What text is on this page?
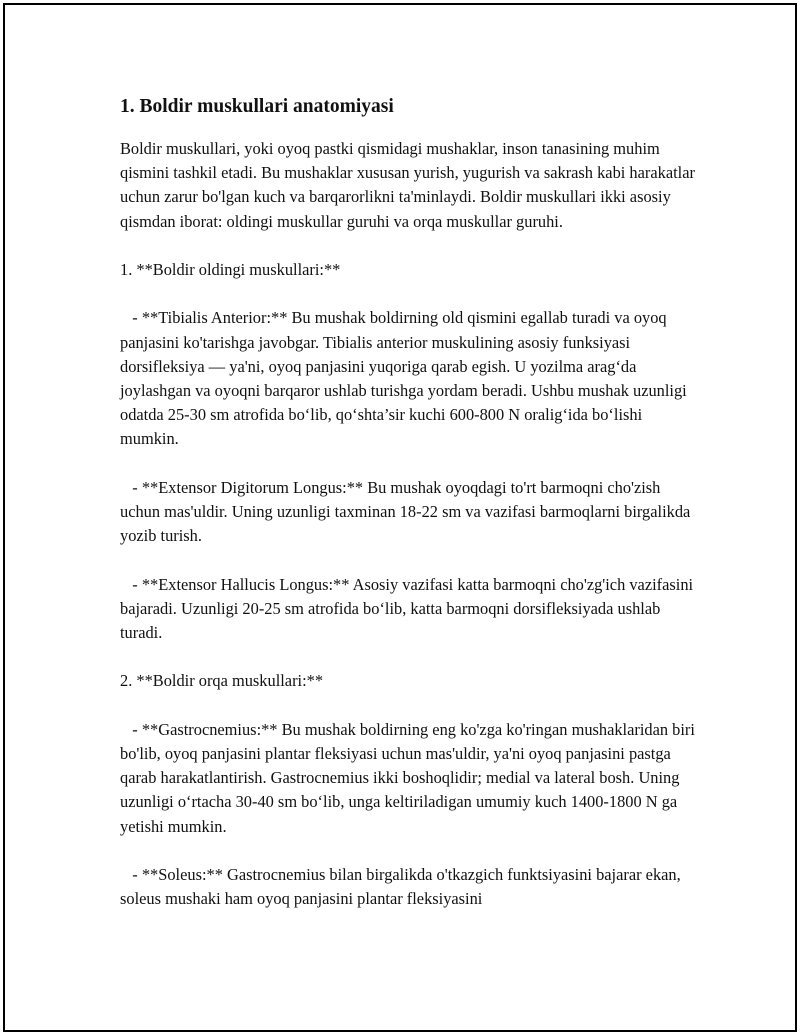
1. Boldir muskullari anatomiyasi

Boldir muskullari, yoki oyoq pastki qismidagi mushaklar, inson tanasining muhim qismini tashkil etadi. Bu mushaklar xususan yurish, yugurish va sakrash kabi harakatlar uchun zarur bo'lgan kuch va barqarorlikni ta'minlaydi. Boldir muskullari ikki asosiy qismdan iborat: oldingi muskullar guruhi va orqa muskullar guruhi.

1. **Boldir oldingi muskullari:**

- **Tibialis Anterior:** Bu mushak boldirning old qismini egallab turadi va oyoq panjasini ko'tarishga javobgar. Tibialis anterior muskulining asosiy funksiyasi dorsifleksiya — ya'ni, oyoq panjasini yuqoriga qarab egish. U yozilma arag‘da joylashgan va oyoqni barqaror ushlab turishga yordam beradi. Ushbu mushak uzunligi odatda 25-30 sm atrofida bo‘lib, qo‘shta’sir kuchi 600-800 N oralig‘ida bo‘lishi mumkin.

- **Extensor Digitorum Longus:** Bu mushak oyoqdagi to'rt barmoqni cho'zish uchun mas'uldir. Uning uzunligi taxminan 18-22 sm va vazifasi barmoqlarni birgalikda yozib turish.

- **Extensor Hallucis Longus:** Asosiy vazifasi katta barmoqni cho'zg'ich vazifasini bajaradi. Uzunligi 20-25 sm atrofida bo‘lib, katta barmoqni dorsifleksiyada ushlab turadi.

2. **Boldir orqa muskullari:**

- **Gastrocnemius:** Bu mushak boldirning eng ko'zga ko'ringan mushaklaridan biri bo'lib, oyoq panjasini plantar fleksiyasi uchun mas'uldir, ya'ni oyoq panjasini pastga qarab harakatlantirish. Gastrocnemius ikki boshoqlidir; medial va lateral bosh. Uning uzunligi o‘rtacha 30-40 sm bo‘lib, unga keltiriladigan umumiy kuch 1400-1800 N ga yetishi mumkin.

- **Soleus:** Gastrocnemius bilan birgalikda o'tkazgich funktsiyasini bajarar ekan, soleus mushaki ham oyoq panjasini plantar fleksiyasini
